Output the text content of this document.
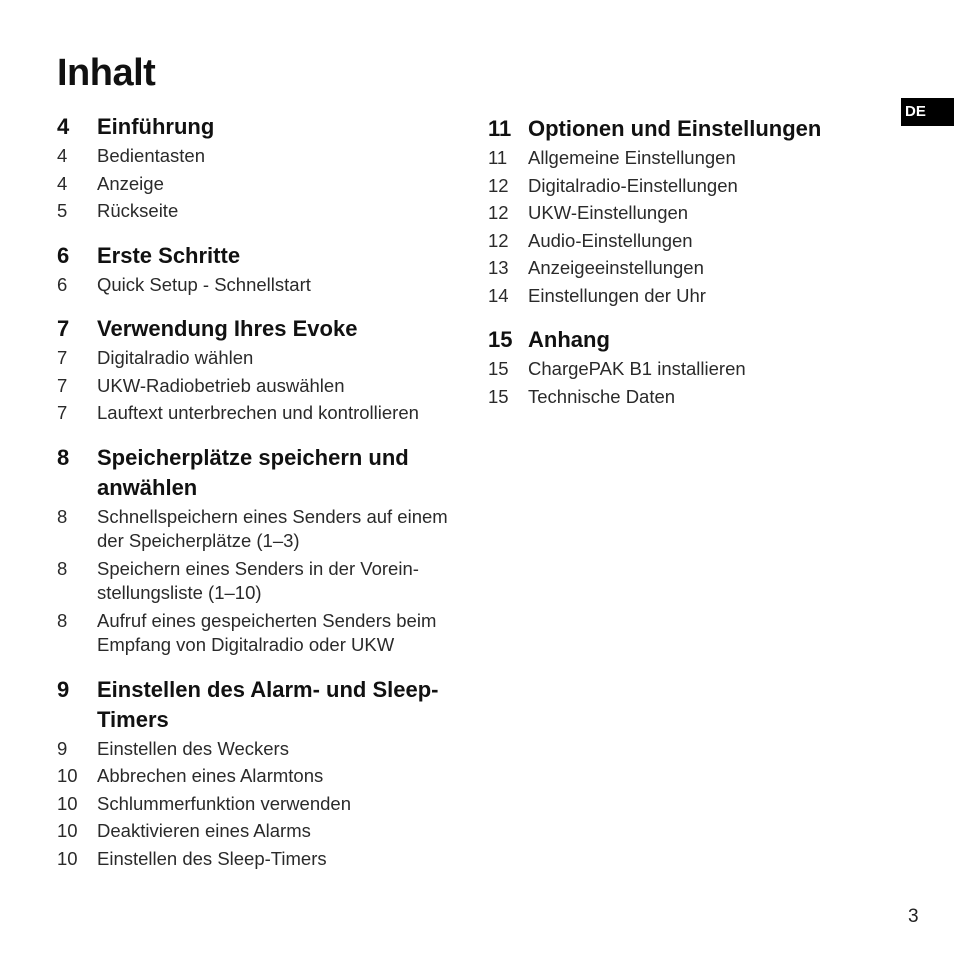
Inhalt
DE
4	Einführung
4	Bedientasten
4	Anzeige
5	Rückseite
6	Erste Schritte
6	Quick Setup - Schnellstart
7	Verwendung Ihres Evoke
7	Digitalradio wählen
7	UKW-Radiobetrieb auswählen
7	Lauftext unterbrechen und kontrollieren
8	Speicherplätze speichern und anwählen
8	Schnellspeichern eines Senders auf einem der Speicherplätze (1–3)
8	Speichern eines Senders in der Vorein-stellungsliste (1–10)
8	Aufruf eines gespeicherten Senders beim Empfang von Digitalradio oder UKW
9	Einstellen des Alarm- und Sleep-Timers
9	Einstellen des Weckers
10	Abbrechen eines Alarmtons
10	Schlummerfunktion verwenden
10	Deaktivieren eines Alarms
10	Einstellen des Sleep-Timers
11 Optionen und Einstellungen
11	Allgemeine Einstellungen
12	Digitalradio-Einstellungen
12	UKW-Einstellungen
12	Audio-Einstellungen
13	Anzeigeeinstellungen
14	Einstellungen der Uhr
15 Anhang
15	ChargePAK B1 installieren
15	Technische Daten
3
